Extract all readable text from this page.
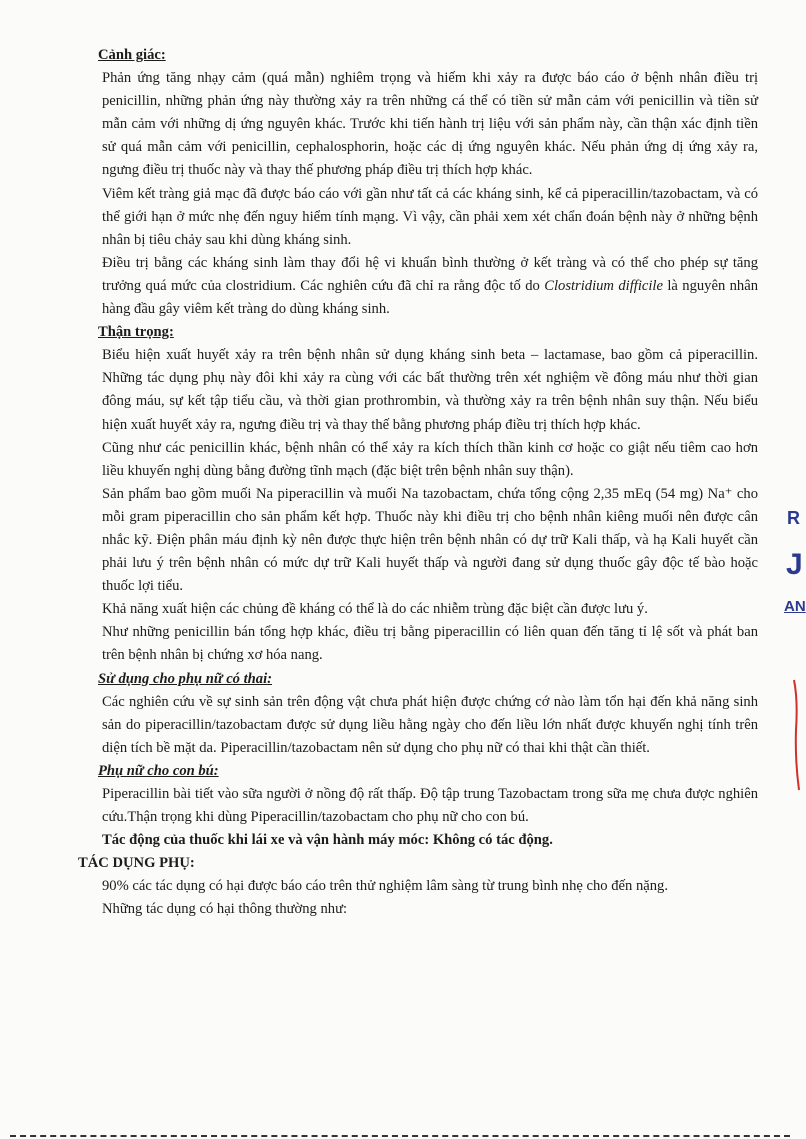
Cảnh giác:

Phản ứng tăng nhạy cảm (quá mẫn) nghiêm trọng và hiếm khi xảy ra được báo cáo ở bệnh nhân điều trị penicillin, những phản ứng này thường xảy ra trên những cá thể có tiền sử mẫn cảm với penicillin và tiền sử mẫn cảm với những dị ứng nguyên khác. Trước khi tiến hành trị liệu với sản phẩm này, cần thận xác định tiền sử quá mẫn cảm với penicillin, cephalosphorin, hoặc các dị ứng nguyên khác. Nếu phản ứng dị ứng xảy ra, ngưng điều trị thuốc này và thay thế phương pháp điều trị thích hợp khác.

Viêm kết tràng giả mạc đã được báo cáo với gần như tất cả các kháng sinh, kể cả piperacillin/tazobactam, và có thể giới hạn ở mức nhẹ đến nguy hiểm tính mạng. Vì vậy, cần phải xem xét chẩn đoán bệnh này ở những bệnh nhân bị tiêu chảy sau khi dùng kháng sinh.

Điều trị bằng các kháng sinh làm thay đổi hệ vi khuẩn bình thường ở kết tràng và có thể cho phép sự tăng trưởng quá mức của clostridium. Các nghiên cứu đã chỉ ra rằng độc tố do Clostridium difficile là nguyên nhân hàng đầu gây viêm kết tràng do dùng kháng sinh.

Thận trọng:

Biểu hiện xuất huyết xảy ra trên bệnh nhân sử dụng kháng sinh beta – lactamase, bao gồm cả piperacillin. Những tác dụng phụ này đôi khi xảy ra cùng với các bất thường trên xét nghiệm về đông máu như thời gian đông máu, sự kết tập tiểu cầu, và thời gian prothrombin, và thường xảy ra trên bệnh nhân suy thận. Nếu biểu hiện xuất huyết xảy ra, ngưng điều trị và thay thế bằng phương pháp điều trị thích hợp khác.

Cũng như các penicillin khác, bệnh nhân có thể xảy ra kích thích thần kinh cơ hoặc co giật nếu tiêm cao hơn liều khuyến nghị dùng bằng đường tĩnh mạch (đặc biệt trên bệnh nhân suy thận).

Sản phẩm bao gồm muối Na piperacillin và muối Na tazobactam, chứa tổng cộng 2,35 mEq (54 mg) Na⁺ cho mỗi gram piperacillin cho sản phẩm kết hợp. Thuốc này khi điều trị cho bệnh nhân kiêng muối nên được cân nhắc kỹ. Điện phân máu định kỳ nên được thực hiện trên bệnh nhân có dự trữ Kali thấp, và hạ Kali huyết cần phải lưu ý trên bệnh nhân có mức dự trữ Kali huyết thấp và người đang sử dụng thuốc gây độc tế bào hoặc thuốc lợi tiểu.

Khả năng xuất hiện các chủng đề kháng có thể là do các nhiễm trùng đặc biệt cần được lưu ý.

Như những penicillin bán tổng hợp khác, điều trị bằng piperacillin có liên quan đến tăng tỉ lệ sốt và phát ban trên bệnh nhân bị chứng xơ hóa nang.

Sử dụng cho phụ nữ có thai:

Các nghiên cứu về sự sinh sản trên động vật chưa phát hiện được chứng cớ nào làm tổn hại đến khả năng sinh sản do piperacillin/tazobactam được sử dụng liều hằng ngày cho đến liều lớn nhất được khuyến nghị tính trên diện tích bề mặt da. Piperacillin/tazobactam nên sử dụng cho phụ nữ có thai khi thật cần thiết.

Phụ nữ cho con bú:

Piperacillin bài tiết vào sữa người ở nồng độ rất thấp. Độ tập trung Tazobactam trong sữa mẹ chưa được nghiên cứu.Thận trọng khi dùng Piperacillin/tazobactam cho phụ nữ cho con bú.

Tác động của thuốc khi lái xe và vận hành máy móc: Không có tác động.

TÁC DỤNG PHỤ:

90% các tác dụng có hại được báo cáo trên thử nghiệm lâm sàng từ trung bình nhẹ cho đến nặng.

Những tác dụng có hại thông thường như:

R
J
AN
